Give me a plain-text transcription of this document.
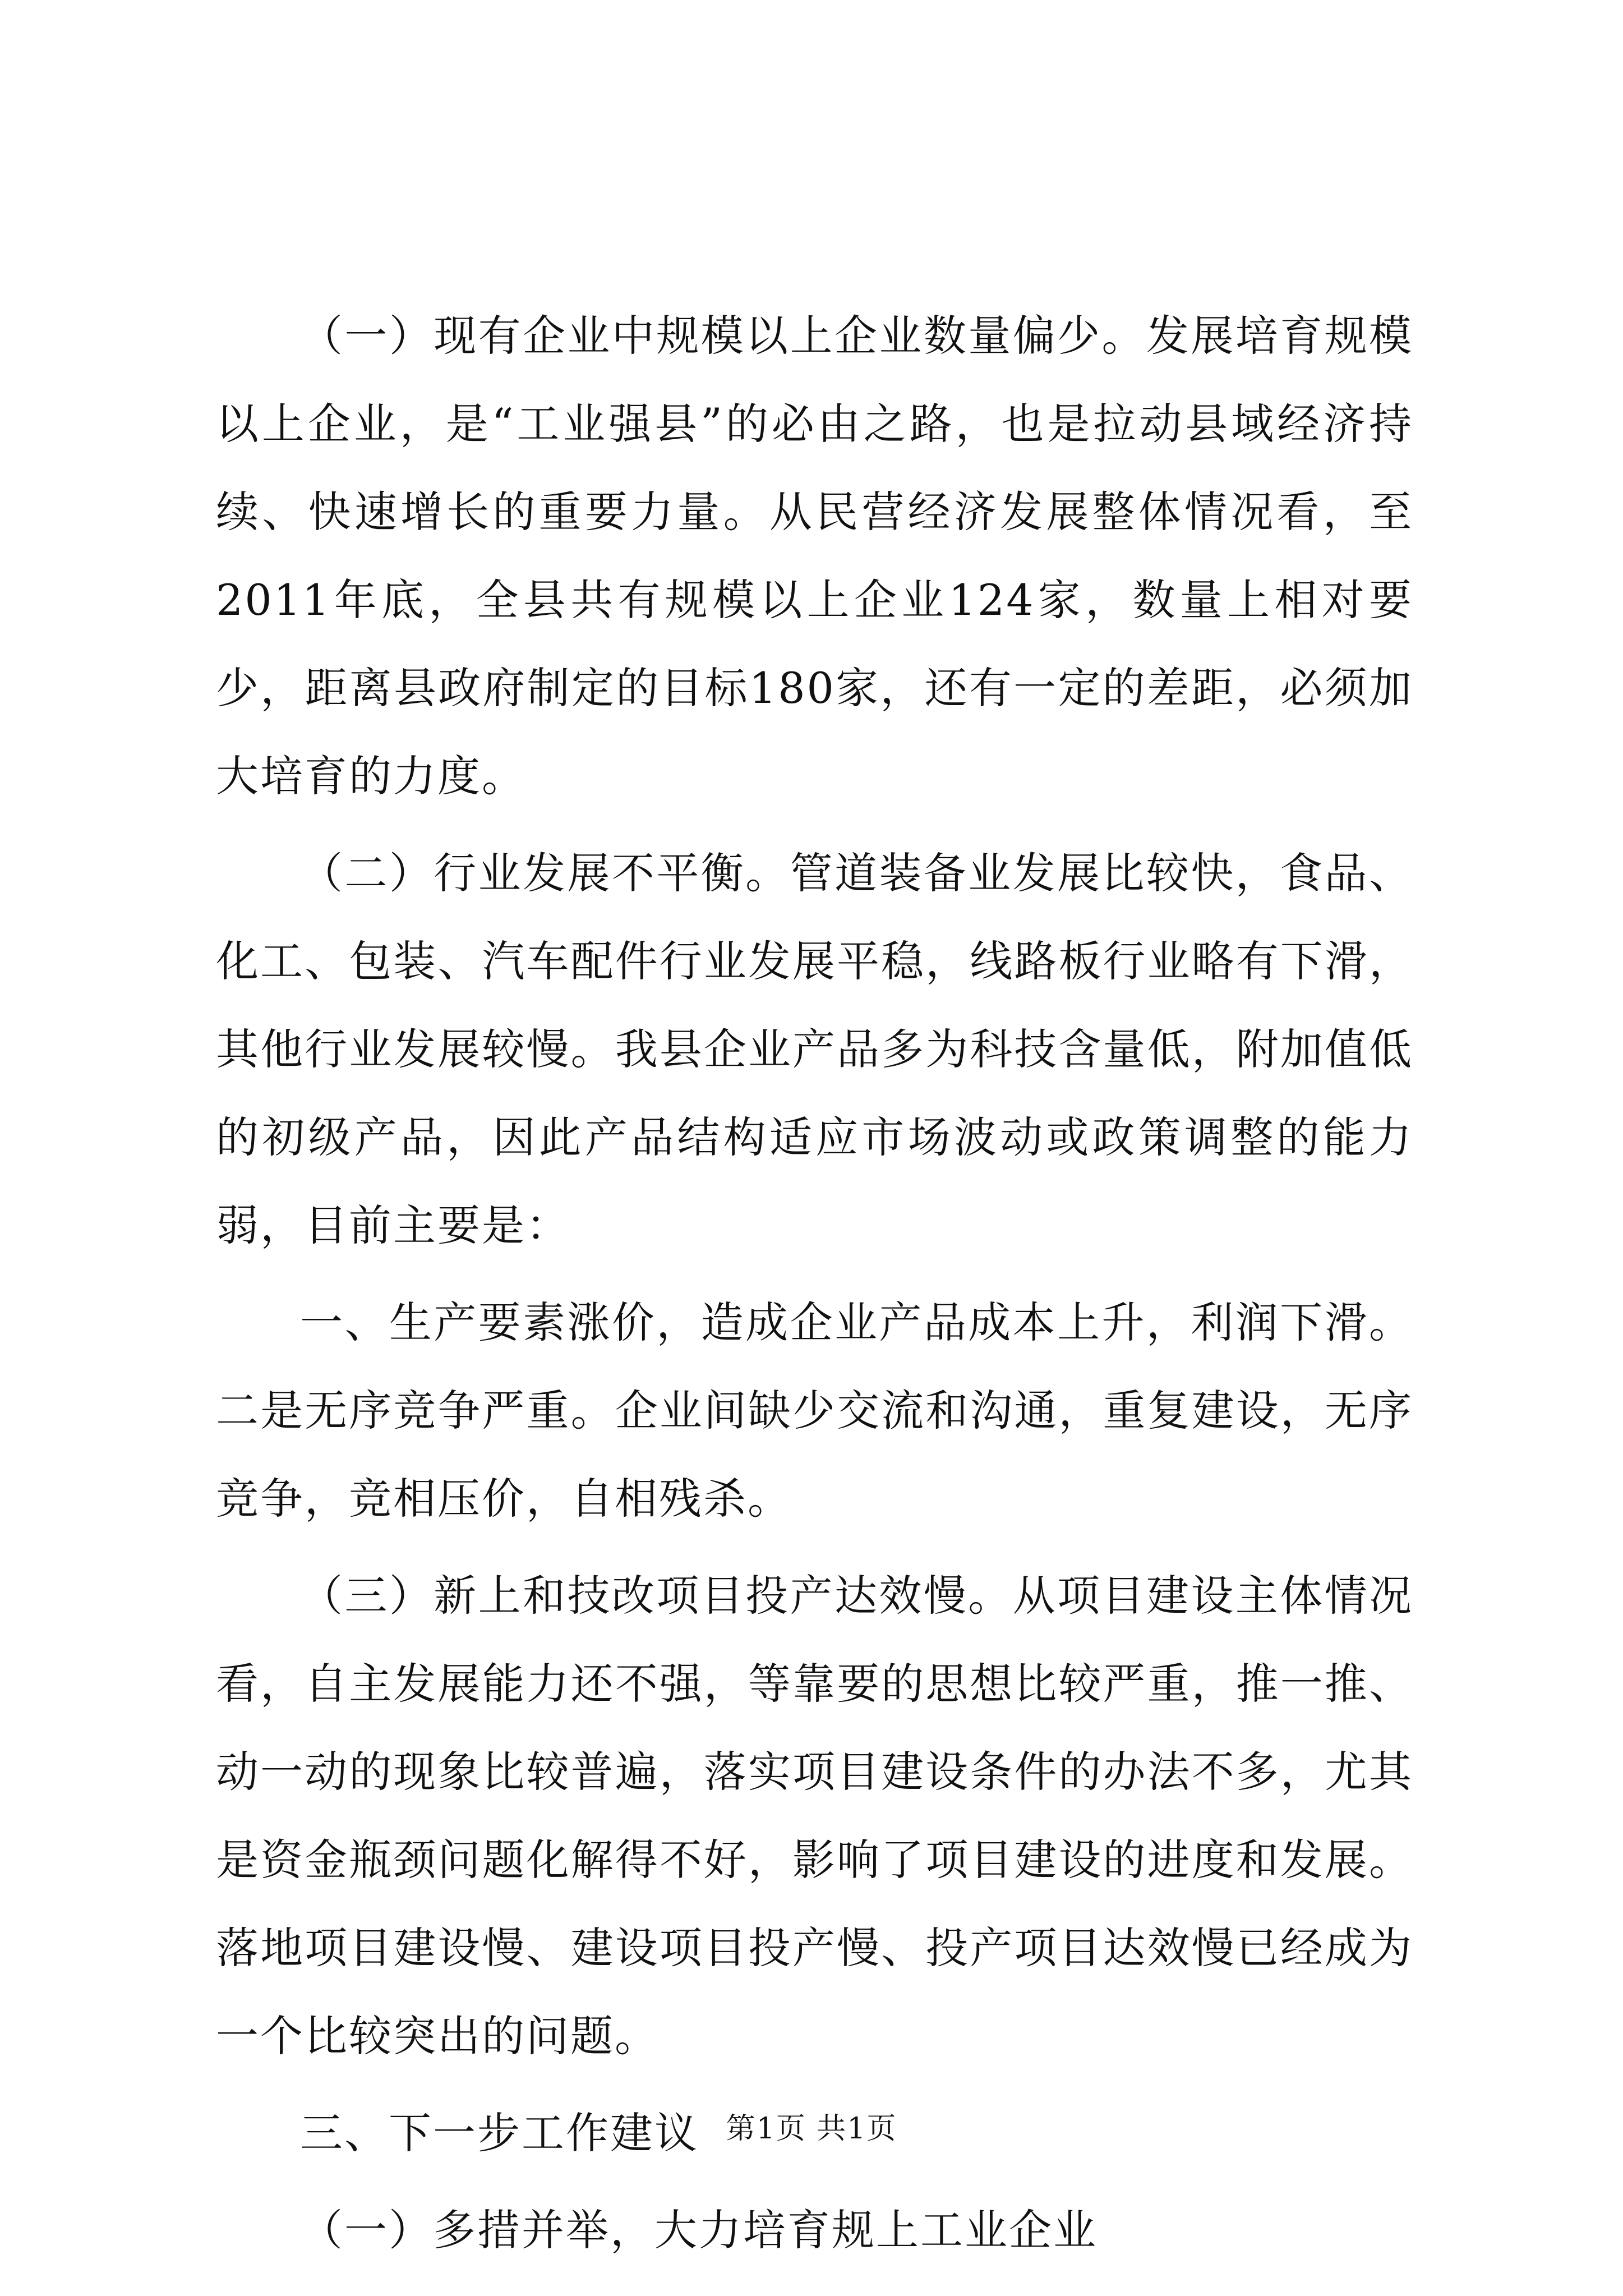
（一）现有企业中规模以上企业数量偏少。发展培育规模以上企业，是“工业强县”的必由之路，也是拉动县域经济持续、快速增长的重要力量。从民营经济发展整体情况看，至2011年底，全县共有规模以上企业124家，数量上相对要少，距离县政府制定的目标180家，还有一定的差距，必须加大培育的力度。

（二）行业发展不平衡。管道装备业发展比较快，食品、化工、包装、汽车配件行业发展平稳，线路板行业略有下滑，其他行业发展较慢。我县企业产品多为科技含量低，附加值低的初级产品，因此产品结构适应市场波动或政策调整的能力弱，目前主要是：

一、生产要素涨价，造成企业产品成本上升，利润下滑。二是无序竞争严重。企业间缺少交流和沟通，重复建设，无序竞争，竞相压价，自相残杀。

（三）新上和技改项目投产达效慢。从项目建设主体情况看，自主发展能力还不强，等靠要的思想比较严重，推一推、动一动的现象比较普遍，落实项目建设条件的办法不多，尤其是资金瓶颈问题化解得不好，影响了项目建设的进度和发展。落地项目建设慢、建设项目投产慢、投产项目达效慢已经成为一个比较突出的问题。

三、下一步工作建议

（一）多措并举，大力培育规上工业企业

第1页 共1页
